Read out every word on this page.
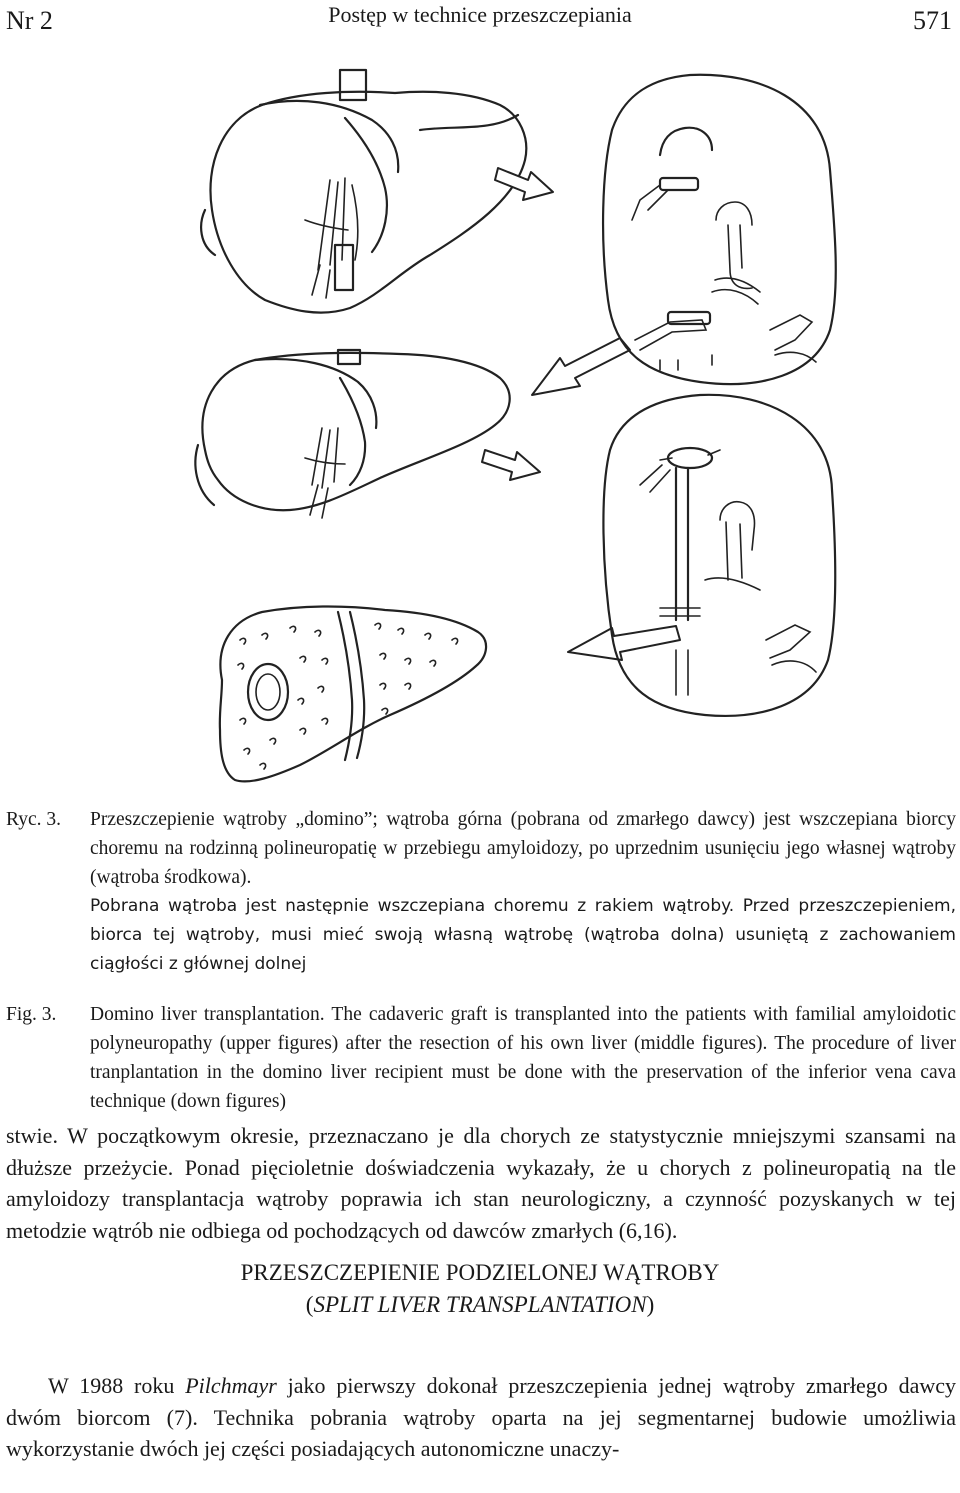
Nr 2	Postęp w technice przeszczepiania	571
Ryc. 3. Przeszczepienie wątroby „domino”; wątroba górna (pobrana od zmarłego dawcy) jest wszczepiana biorcy choremu na rodzinną polineuropatię w przebiegu amyloidozy, po uprzednim usunięciu jego własnej wątroby (wątroba środkowa).
Pobrana wątroba jest następnie wszczepiana choremu z rakiem wątroby. Przed przeszczepieniem, biorca tej wątroby, musi mieć swoją własną wątrobę (wątroba dolna) usuniętą z zachowaniem ciągłości z głównej dolnej
Fig. 3. Domino liver transplantation. The cadaveric graft is transplanted into the patients with familial amyloidotic polyneuropathy (upper figures) after the resection of his own liver (middle figures). The procedure of liver tranplantation in the domino liver recipient must be done with the preservation of the inferior vena cava technique (down figures)
stwie. W początkowym okresie, przeznaczano je dla chorych ze statystycznie mniejszymi szansami na dłuższe przeżycie. Ponad pięcioletnie doświadczenia wykazały, że u chorych z polineuropatią na tle amyloidozy transplantacja wątroby poprawia ich stan neurologiczny, a czynność pozyskanych w tej metodzie wątrób nie odbiega od pochodzących od dawców zmarłych (6,16).
PRZESZCZEPIENIE PODZIELONEJ WĄTROBY
(SPLIT LIVER TRANSPLANTATION)
W 1988 roku Pilchmayr jako pierwszy dokonał przeszczepienia jednej wątroby zmarłego dawcy dwóm biorcom (7). Technika pobrania wątroby oparta na jej segmentarnej budowie umożliwia wykorzystanie dwóch jej części posiadających autonomiczne unaczy-
